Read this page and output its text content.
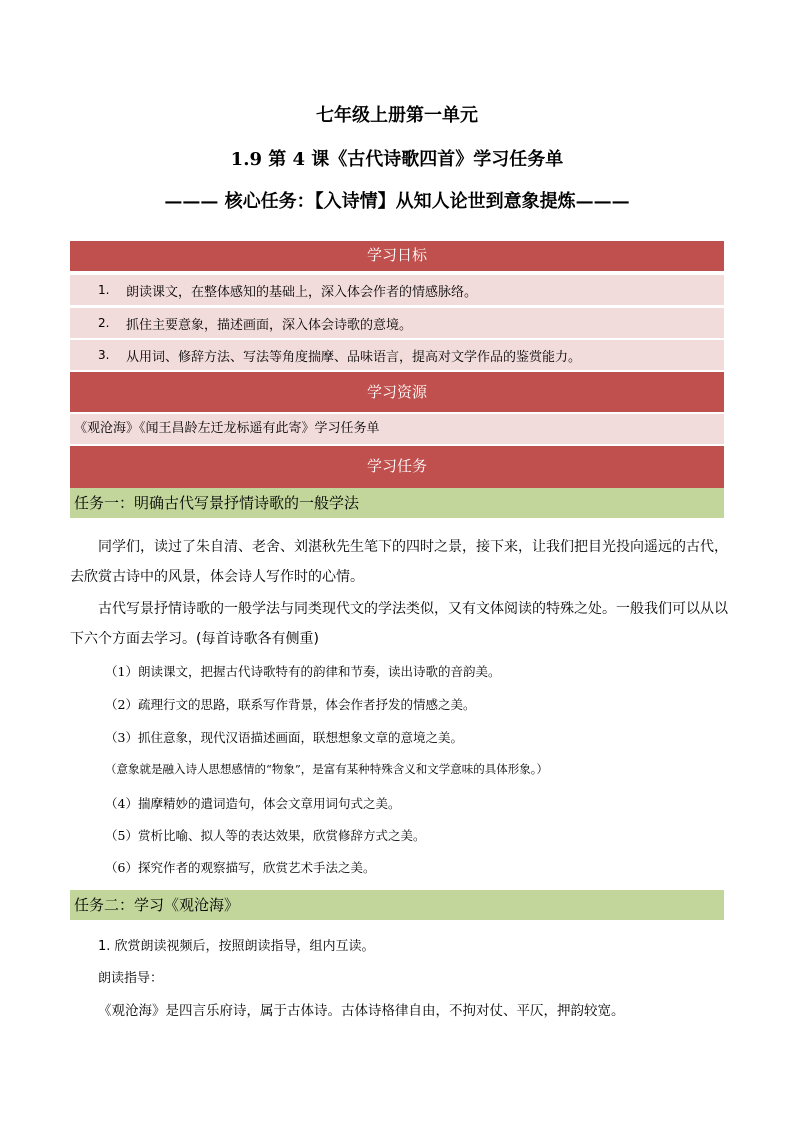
七年级上册第一单元
1.9 第 4 课《古代诗歌四首》学习任务单
——— 核心任务：【入诗情】从知人论世到意象提炼———
学习日标
1.	朗读课文，在整体感知的基础上，深入体会作者的情感脉络。
2.	抓住主要意象，描述画面，深入体会诗歌的意境。
3.	从用词、修辞方法、写法等角度揣摩、品味语言，提高对文学作品的鉴赏能力。
学习资源
《观沧海》《闻王昌龄左迁龙标遥有此寄》学习任务单
学习任务
任务一：明确古代写景抒情诗歌的一般学法
同学们，读过了朱自清、老舍、刘湛秋先生笔下的四时之景，接下来，让我们把目光投向遥远的古代，去欣赏古诗中的风景，体会诗人写作时的心情。
古代写景抒情诗歌的一般学法与同类现代文的学法类似，又有文体阅读的特殊之处。一般我们可以从以下六个方面去学习。(每首诗歌各有侧重)
（1）朗读课文，把握古代诗歌特有的韵律和节奏，读出诗歌的音韵美。
（2）疏理行文的思路，联系写作背景，体会作者抒发的情感之美。
（3）抓住意象，现代汉语描述画面，联想想象文章的意境之美。
（意象就是融入诗人思想感情的“物象”，是富有某种特殊含义和文学意味的具体形象。）
（4）揣摩精妙的遣词造句，体会文章用词句式之美。
（5）赏析比喻、拟人等的表达效果，欣赏修辞方式之美。
（6）探究作者的观察描写，欣赏艺术手法之美。
任务二：学习《观沧海》
1. 欣赏朗读视频后，按照朗读指导，组内互读。
朗读指导：
《观沧海》是四言乐府诗，属于古体诗。古体诗格律自由，不拘对仗、平仄，押韵较宽。
